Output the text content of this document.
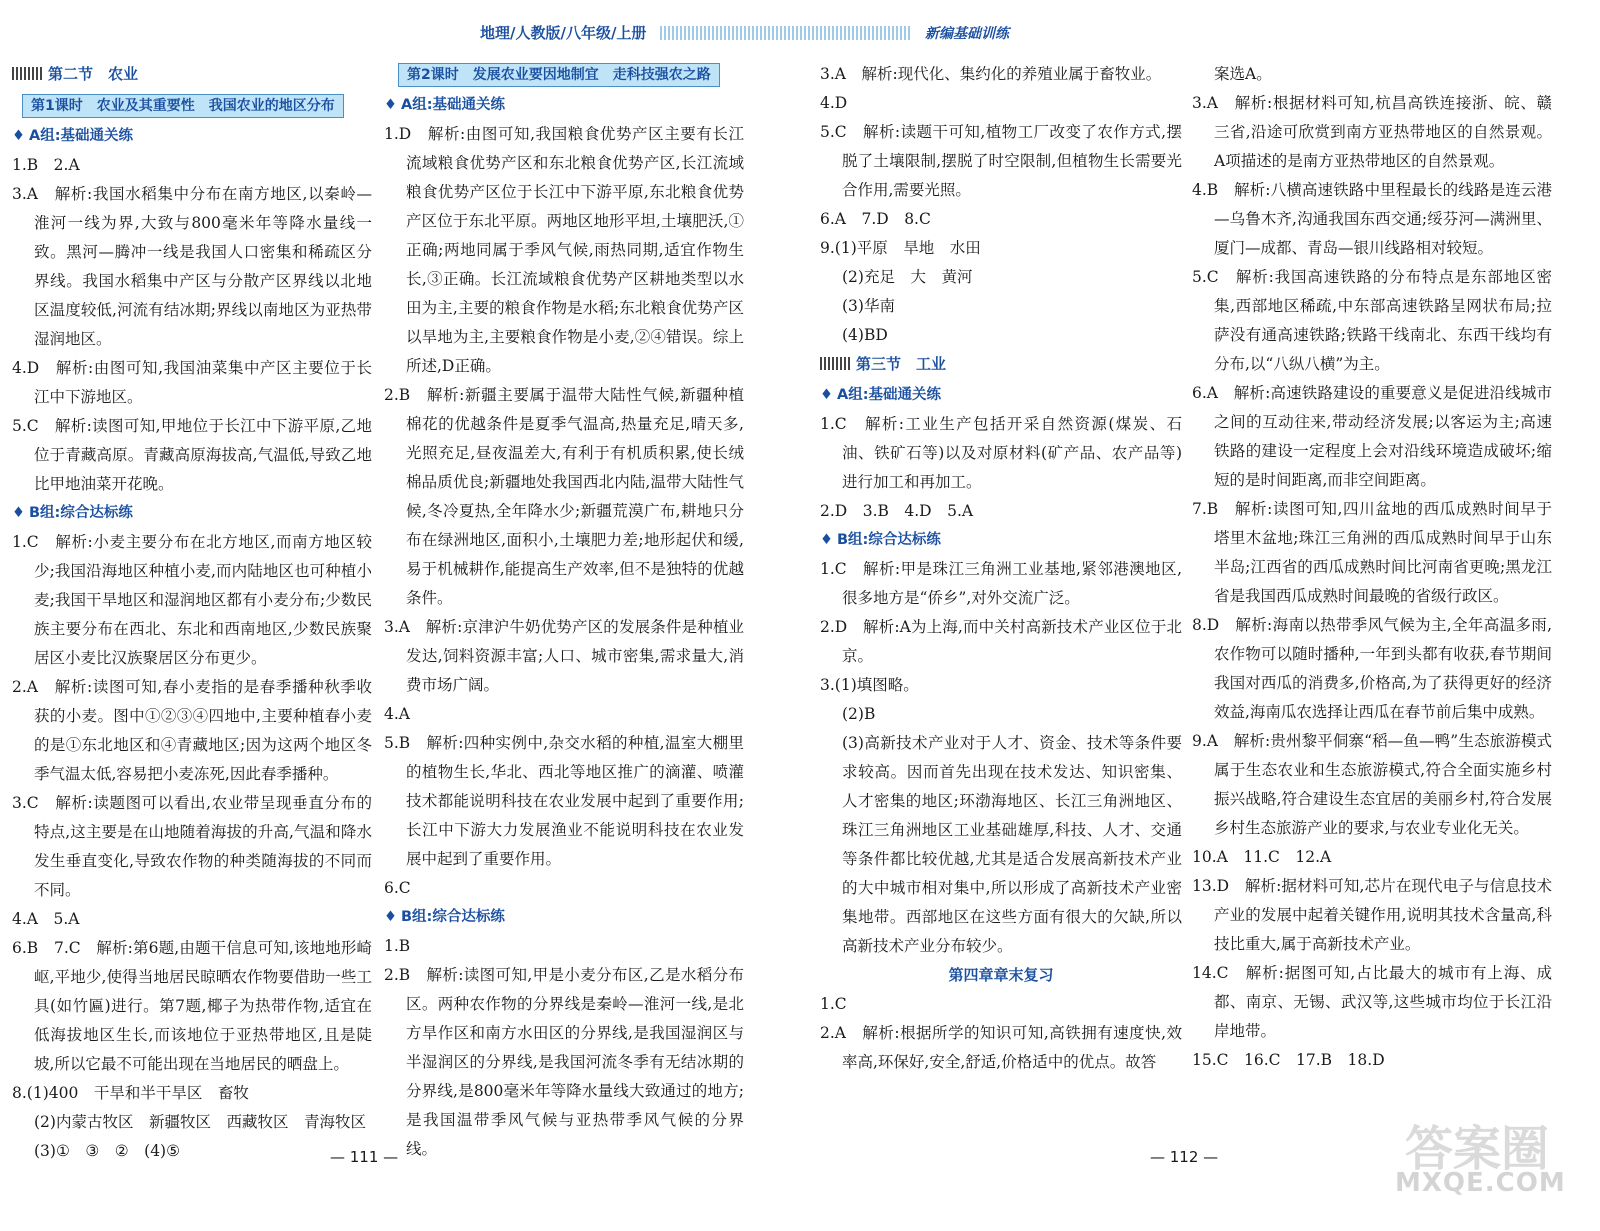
地理/人教版/八年级/上册	新编基础训练
第二节　农业
第1课时　农业及其重要性　我国农业的地区分布
♦ A组:基础通关练

1.B　2.A

3.A　解析:我国水稻集中分布在南方地区,以秦岭—淮河一线为界,大致与800毫米年等降水量线一致。黑河—腾冲一线是我国人口密集和稀疏区分界线。我国水稻集中产区与分散产区界线以北地区温度较低,河流有结冰期;界线以南地区为亚热带湿润地区。

4.D　解析:由图可知,我国油菜集中产区主要位于长江中下游地区。

5.C　解析:读图可知,甲地位于长江中下游平原,乙地位于青藏高原。青藏高原海拔高,气温低,导致乙地比甲地油菜开花晚。

♦ B组:综合达标练

1.C　解析:小麦主要分布在北方地区,而南方地区较少;我国沿海地区种植小麦,而内陆地区也可种植小麦;我国干旱地区和湿润地区都有小麦分布;少数民族主要分布在西北、东北和西南地区,少数民族聚居区小麦比汉族聚居区分布更少。

2.A　解析:读图可知,春小麦指的是春季播种秋季收获的小麦。图中①②③④四地中,主要种植春小麦的是①东北地区和④青藏地区;因为这两个地区冬季气温太低,容易把小麦冻死,因此春季播种。

3.C　解析:读题图可以看出,农业带呈现垂直分布的特点,这主要是在山地随着海拔的升高,气温和降水发生垂直变化,导致农作物的种类随海拔的不同而不同。

4.A　5.A

6.B　7.C　解析:第6题,由题干信息可知,该地地形崎岖,平地少,使得当地居民晾晒农作物要借助一些工具(如竹匾)进行。第7题,椰子为热带作物,适宜在低海拔地区生长,而该地位于亚热带地区,且是陡坡,所以它最不可能出现在当地居民的晒盘上。

8.(1)400　干旱和半干旱区　畜牧

(2)内蒙古牧区　新疆牧区　西藏牧区　青海牧区

(3)①　③　②　(4)⑤

第2课时　发展农业要因地制宜　走科技强农之路
♦ A组:基础通关练

1.D　解析:由图可知,我国粮食优势产区主要有长江流域粮食优势产区和东北粮食优势产区,长江流域粮食优势产区位于长江中下游平原,东北粮食优势产区位于东北平原。两地区地形平坦,土壤肥沃,①正确;两地同属于季风气候,雨热同期,适宜作物生长,③正确。长江流域粮食优势产区耕地类型以水田为主,主要的粮食作物是水稻;东北粮食优势产区以旱地为主,主要粮食作物是小麦,②④错误。综上所述,D正确。

2.B　解析:新疆主要属于温带大陆性气候,新疆种植棉花的优越条件是夏季气温高,热量充足,晴天多,光照充足,昼夜温差大,有利于有机质积累,使长绒棉品质优良;新疆地处我国西北内陆,温带大陆性气候,冬冷夏热,全年降水少;新疆荒漠广布,耕地只分布在绿洲地区,面积小,土壤肥力差;地形起伏和缓,易于机械耕作,能提高生产效率,但不是独特的优越条件。

3.A　解析:京津沪牛奶优势产区的发展条件是种植业发达,饲料资源丰富;人口、城市密集,需求量大,消费市场广阔。

4.A

5.B　解析:四种实例中,杂交水稻的种植,温室大棚里的植物生长,华北、西北等地区推广的滴灌、喷灌技术都能说明科技在农业发展中起到了重要作用;长江中下游大力发展渔业不能说明科技在农业发展中起到了重要作用。

6.C

♦ B组:综合达标练

1.B

2.B　解析:读图可知,甲是小麦分布区,乙是水稻分布区。两种农作物的分界线是秦岭—淮河一线,是北方旱作区和南方水田区的分界线,是我国湿润区与半湿润区的分界线,是我国河流冬季有无结冰期的分界线,是800毫米年等降水量线大致通过的地方;是我国温带季风气候与亚热带季风气候的分界线。

— 111 —

3.A　解析:现代化、集约化的养殖业属于畜牧业。

4.D

5.C　解析:读题干可知,植物工厂改变了农作方式,摆脱了土壤限制,摆脱了时空限制,但植物生长需要光合作用,需要光照。

6.A　7.D　8.C

9.(1)平原　旱地　水田

(2)充足　大　黄河

(3)华南

(4)BD

第三节　工业
♦ A组:基础通关练

1.C　解析:工业生产包括开采自然资源(煤炭、石油、铁矿石等)以及对原材料(矿产品、农产品等)进行加工和再加工。

2.D　3.B　4.D　5.A

♦ B组:综合达标练

1.C　解析:甲是珠江三角洲工业基地,紧邻港澳地区,很多地方是“侨乡”,对外交流广泛。

2.D　解析:A为上海,而中关村高新技术产业区位于北京。

3.(1)填图略。

(2)B

(3)高新技术产业对于人才、资金、技术等条件要求较高。因而首先出现在技术发达、知识密集、人才密集的地区;环渤海地区、长江三角洲地区、珠江三角洲地区工业基础雄厚,科技、人才、交通等条件都比较优越,尤其是适合发展高新技术产业的大中城市相对集中,所以形成了高新技术产业密集地带。西部地区在这些方面有很大的欠缺,所以高新技术产业分布较少。

第四章章末复习

1.C

2.A　解析:根据所学的知识可知,高铁拥有速度快,效率高,环保好,安全,舒适,价格适中的优点。故答

案选A。

3.A　解析:根据材料可知,杭昌高铁连接浙、皖、赣三省,沿途可欣赏到南方亚热带地区的自然景观。A项描述的是南方亚热带地区的自然景观。

4.B　解析:八横高速铁路中里程最长的线路是连云港—乌鲁木齐,沟通我国东西交通;绥芬河—满洲里、厦门—成都、青岛—银川线路相对较短。

5.C　解析:我国高速铁路的分布特点是东部地区密集,西部地区稀疏,中东部高速铁路呈网状布局;拉萨没有通高速铁路;铁路干线南北、东西干线均有分布,以“八纵八横”为主。

6.A　解析:高速铁路建设的重要意义是促进沿线城市之间的互动往来,带动经济发展;以客运为主;高速铁路的建设一定程度上会对沿线环境造成破坏;缩短的是时间距离,而非空间距离。

7.B　解析:读图可知,四川盆地的西瓜成熟时间早于塔里木盆地;珠江三角洲的西瓜成熟时间早于山东半岛;江西省的西瓜成熟时间比河南省更晚;黑龙江省是我国西瓜成熟时间最晚的省级行政区。

8.D　解析:海南以热带季风气候为主,全年高温多雨,农作物可以随时播种,一年到头都有收获,春节期间我国对西瓜的消费多,价格高,为了获得更好的经济效益,海南瓜农选择让西瓜在春节前后集中成熟。

9.A　解析:贵州黎平侗寨“稻—鱼—鸭”生态旅游模式属于生态农业和生态旅游模式,符合全面实施乡村振兴战略,符合建设生态宜居的美丽乡村,符合发展乡村生态旅游产业的要求,与农业专业化无关。

10.A　11.C　12.A

13.D　解析:据材料可知,芯片在现代电子与信息技术产业的发展中起着关键作用,说明其技术含量高,科技比重大,属于高新技术产业。

14.C　解析:据图可知,占比最大的城市有上海、成都、南京、无锡、武汉等,这些城市均位于长江沿岸地带。

15.C　16.C　17.B　18.D

— 112 —	答案圈
MXQE.COM
